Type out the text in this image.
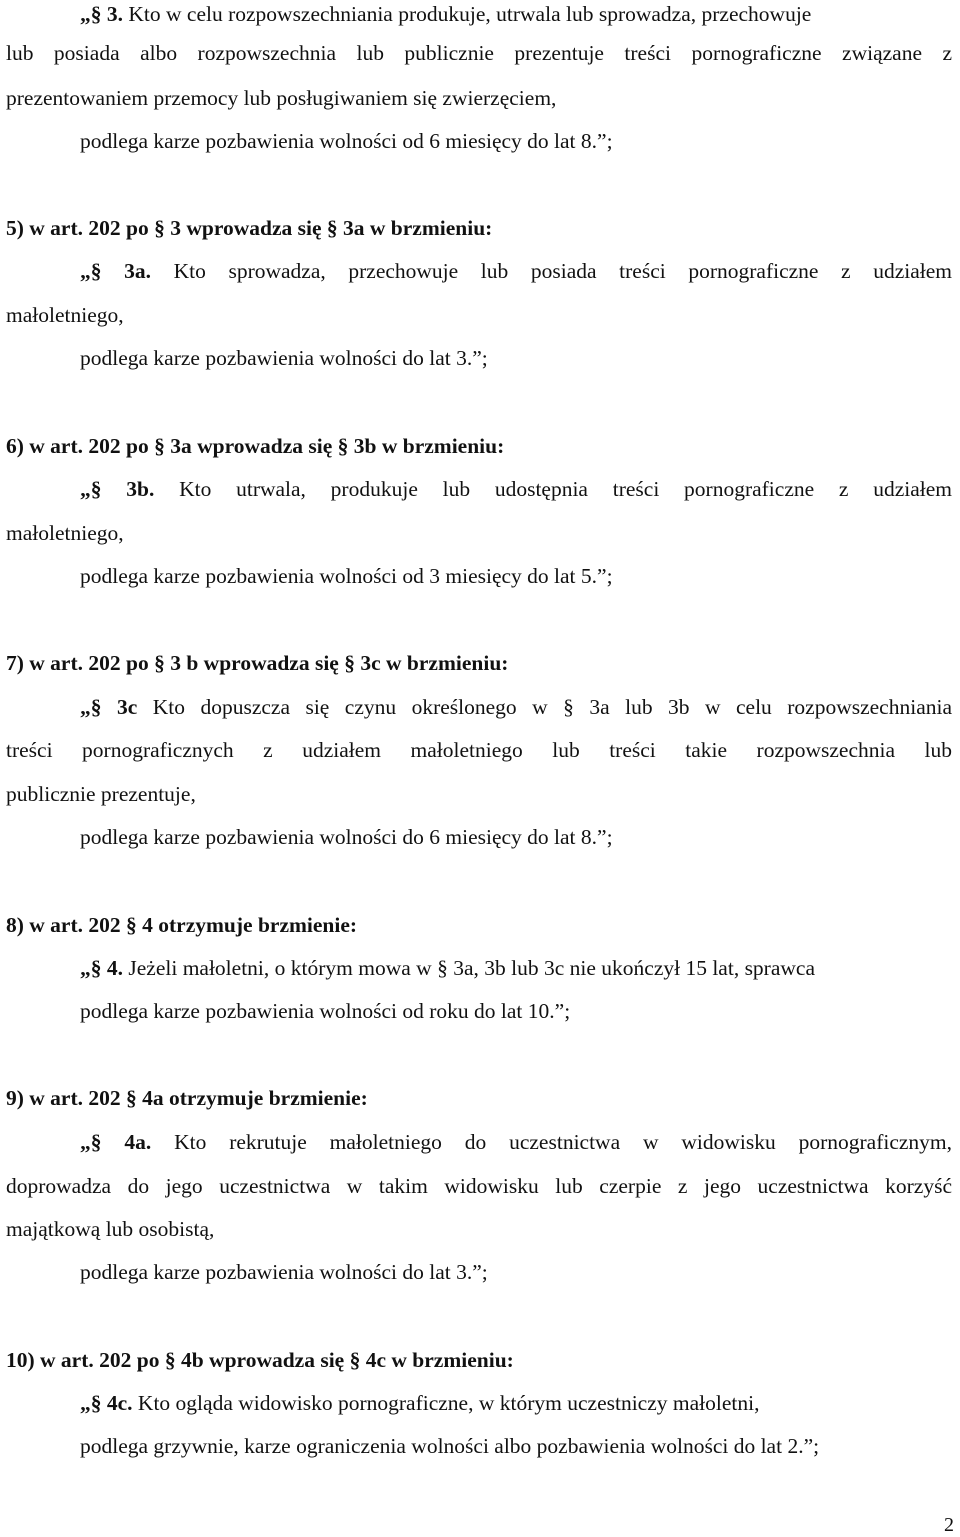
„§ 3. Kto w celu rozpowszechniania produkuje, utrwala lub sprowadza, przechowuje
lub posiada albo rozpowszechnia lub publicznie prezentuje treści pornograficzne związane z
prezentowaniem przemocy lub posługiwaniem się zwierzęciem,
podlega karze pozbawienia wolności od 6 miesięcy do lat 8.”;
5) w art. 202 po § 3 wprowadza się § 3a w brzmieniu:
„§ 3a. Kto sprowadza, przechowuje lub posiada treści pornograficzne z udziałem
małoletniego,
podlega karze pozbawienia wolności do lat 3.”;
6) w art. 202 po § 3a wprowadza się § 3b w brzmieniu:
„§ 3b. Kto utrwala, produkuje lub udostępnia treści pornograficzne z udziałem
małoletniego,
podlega karze pozbawienia wolności od 3 miesięcy do lat 5.”;
7) w art. 202 po § 3 b wprowadza się § 3c w brzmieniu:
„§ 3c Kto dopuszcza się czynu określonego w § 3a lub 3b w celu rozpowszechniania
treści pornograficznych z udziałem małoletniego lub treści takie rozpowszechnia lub
publicznie prezentuje,
podlega karze pozbawienia wolności do 6 miesięcy do lat 8.”;
8) w art. 202 § 4 otrzymuje brzmienie:
„§ 4. Jeżeli małoletni, o którym mowa w § 3a, 3b lub 3c nie ukończył 15 lat, sprawca
podlega karze pozbawienia wolności od roku do lat 10.”;
9) w art. 202 § 4a otrzymuje brzmienie:
„§ 4a. Kto rekrutuje małoletniego do uczestnictwa w widowisku pornograficznym,
doprowadza do jego uczestnictwa w takim widowisku lub czerpie z jego uczestnictwa korzyść
majątkową lub osobistą,
podlega karze pozbawienia wolności do lat 3.”;
10) w art. 202 po § 4b wprowadza się § 4c w brzmieniu:
„§ 4c. Kto ogląda widowisko pornograficzne, w którym uczestniczy małoletni,
podlega grzywnie, karze ograniczenia wolności albo pozbawienia wolności do lat 2.”;
2
